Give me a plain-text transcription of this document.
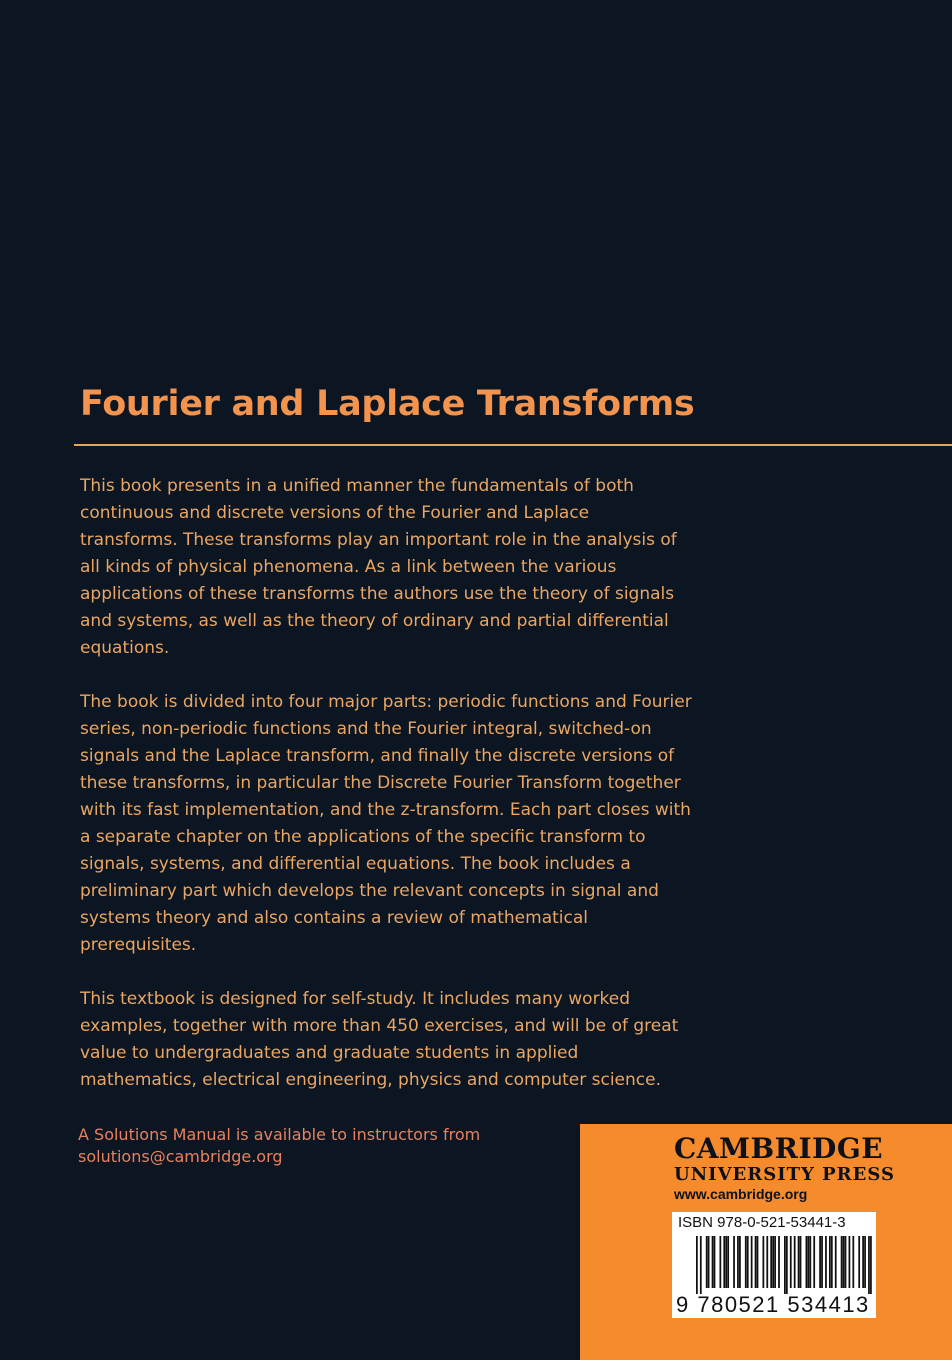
Fourier and Laplace Transforms

This book presents in a unified manner the fundamentals of both continuous and discrete versions of the Fourier and Laplace transforms. These transforms play an important role in the analysis of all kinds of physical phenomena. As a link between the various applications of these transforms the authors use the theory of signals and systems, as well as the theory of ordinary and partial differential equations.

The book is divided into four major parts: periodic functions and Fourier series, non-periodic functions and the Fourier integral, switched-on signals and the Laplace transform, and finally the discrete versions of these transforms, in particular the Discrete Fourier Transform together with its fast implementation, and the z-transform. Each part closes with a separate chapter on the applications of the specific transform to signals, systems, and differential equations. The book includes a preliminary part which develops the relevant concepts in signal and systems theory and also contains a review of mathematical prerequisites.

This textbook is designed for self-study. It includes many worked examples, together with more than 450 exercises, and will be of great value to undergraduates and graduate students in applied mathematics, electrical engineering, physics and computer science.

A Solutions Manual is available to instructors from
solutions@cambridge.org	CAMBRIDGE
UNIVERSITY PRESS
www.cambridge.org
ISBN 978-0-521-53441-3
9 780521 534413
